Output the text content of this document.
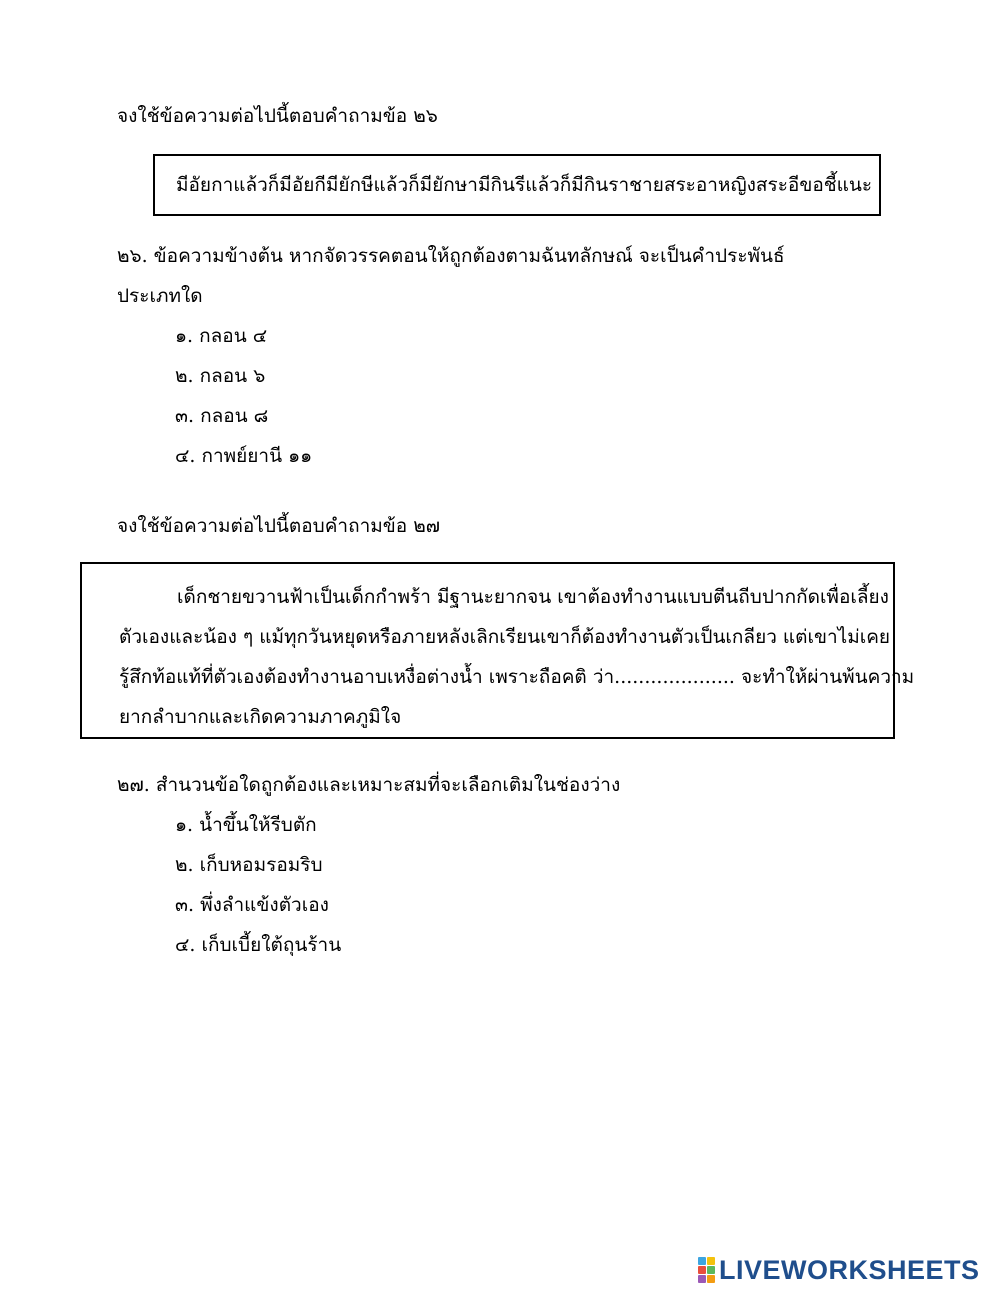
จงใช้ข้อความต่อไปนี้ตอบคำถามข้อ ๒๖
มีอัยกาแล้วก็มีอัยกีมียักษีแล้วก็มียักษามีกินรีแล้วก็มีกินราชายสระอาหญิงสระอีขอชี้แนะ
๒๖. ข้อความข้างต้น หากจัดวรรคตอนให้ถูกต้องตามฉันทลักษณ์ จะเป็นคำประพันธ์
ประเภทใด
๑. กลอน ๔
๒. กลอน ๖
๓. กลอน ๘
๔. กาพย์ยานี ๑๑
จงใช้ข้อความต่อไปนี้ตอบคำถามข้อ ๒๗
เด็กชายขวานฟ้าเป็นเด็กกำพร้า มีฐานะยากจน เขาต้องทำงานแบบตีนถีบปากกัดเพื่อเลี้ยง
ตัวเองและน้อง ๆ แม้ทุกวันหยุดหรือภายหลังเลิกเรียนเขาก็ต้องทำงานตัวเป็นเกลียว แต่เขาไม่เคย
รู้สึกท้อแท้ที่ตัวเองต้องทำงานอาบเหงื่อต่างน้ำ เพราะถือคติ ว่า.................... จะทำให้ผ่านพ้นความ
ยากลำบากและเกิดความภาคภูมิใจ
๒๗. สำนวนข้อใดถูกต้องและเหมาะสมที่จะเลือกเติมในช่องว่าง
๑. น้ำขึ้นให้รีบตัก
๒. เก็บหอมรอมริบ
๓. พึ่งลำแข้งตัวเอง
๔. เก็บเบี้ยใต้ถุนร้าน
LIVEWORKSHEETS
